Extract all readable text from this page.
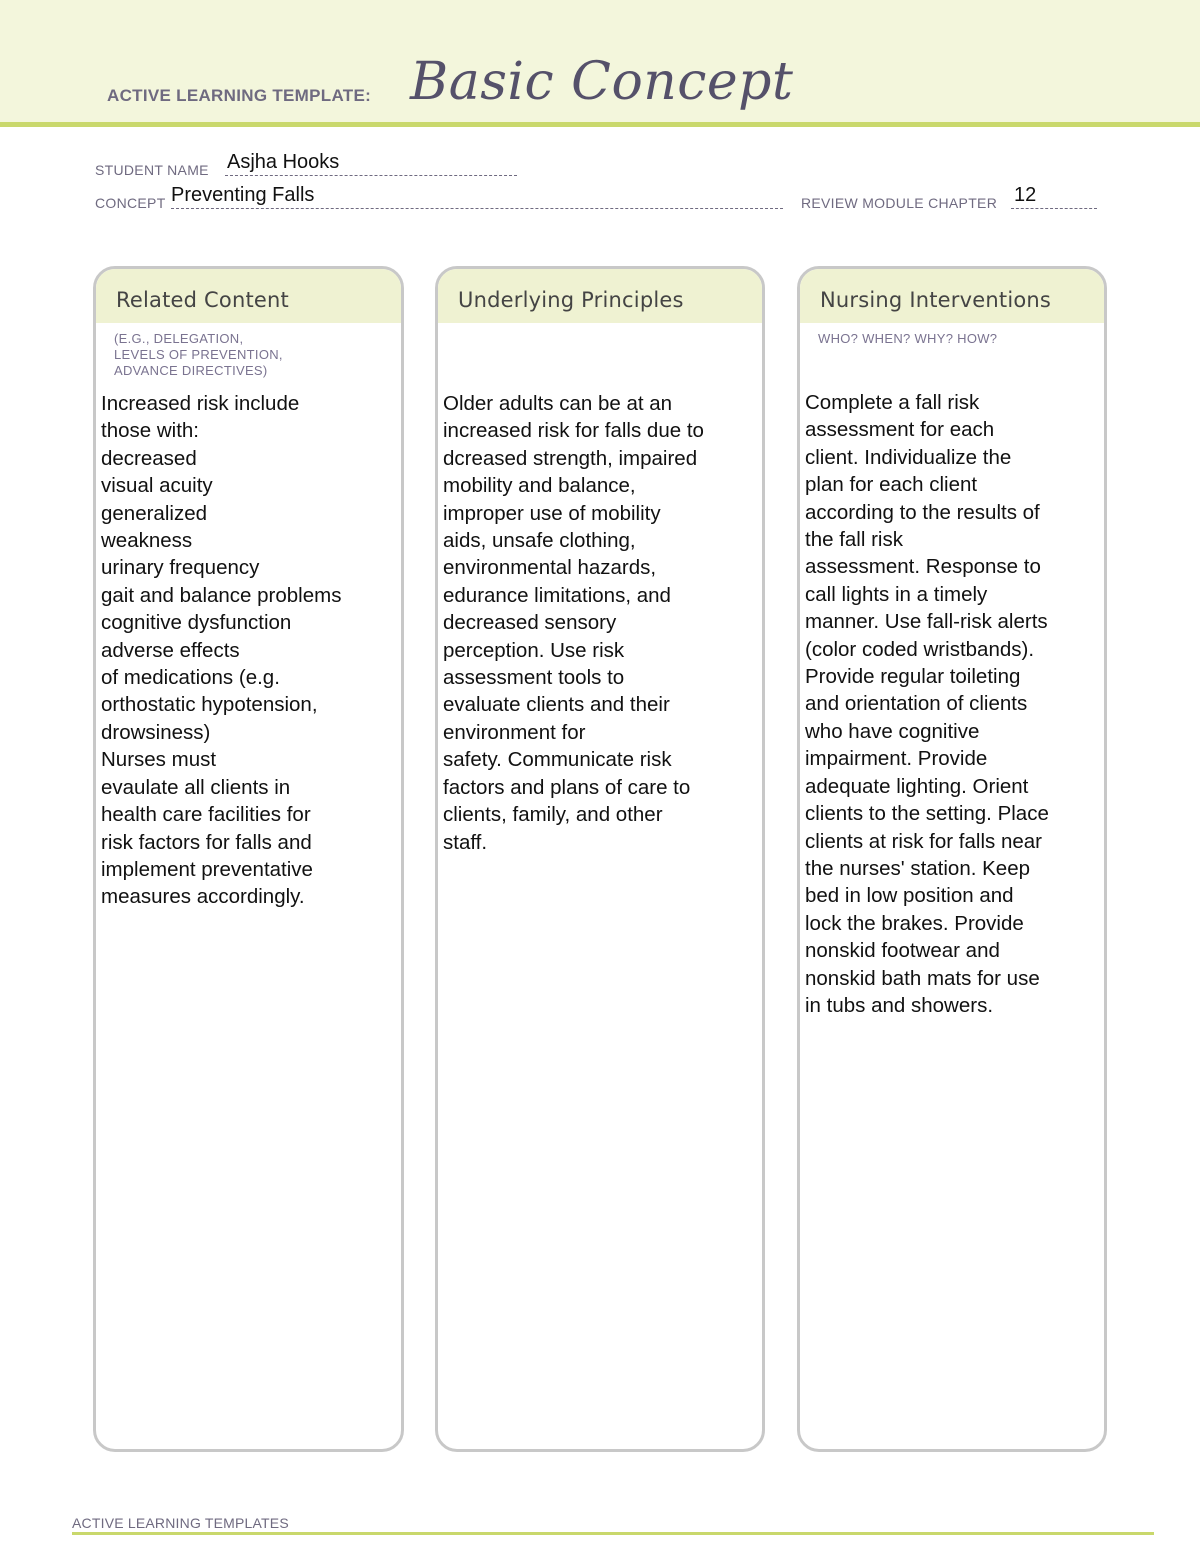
ACTIVE LEARNING TEMPLATE: Basic Concept
STUDENT NAME Asjha Hooks
CONCEPT Preventing Falls	REVIEW MODULE CHAPTER 12
Related Content
(E.G., DELEGATION,
LEVELS OF PREVENTION,
ADVANCE DIRECTIVES)
Increased risk include
those with:
decreased
visual acuity
generalized
weakness
urinary frequency
gait and balance problems
cognitive dysfunction
adverse effects
of medications (e.g.
orthostatic hypotension,
drowsiness)
Nurses must
evaulate all clients in
health care facilities for
risk factors for falls and
implement preventative
measures accordingly.
Underlying Principles
Older adults can be at an
increased risk for falls due to
dcreased strength, impaired
mobility and balance,
improper use of mobility
aids, unsafe clothing,
environmental hazards,
edurance limitations, and
decreased sensory
perception. Use risk
assessment tools to
evaluate clients and their
environment for
safety. Communicate risk
factors and plans of care to
clients, family, and other
staff.
Nursing Interventions
WHO? WHEN? WHY? HOW?
Complete a fall risk
assessment for each
client. Individualize the
plan for each client
according to the results of
the fall risk
assessment. Response to
call lights in a timely
manner. Use fall-risk alerts
(color coded wristbands).
Provide regular toileting
and orientation of clients
who have cognitive
impairment. Provide
adequate lighting. Orient
clients to the setting. Place
clients at risk for falls near
the nurses' station. Keep
bed in low position and
lock the brakes. Provide
nonskid footwear and
nonskid bath mats for use
in tubs and showers.
ACTIVE LEARNING TEMPLATES
